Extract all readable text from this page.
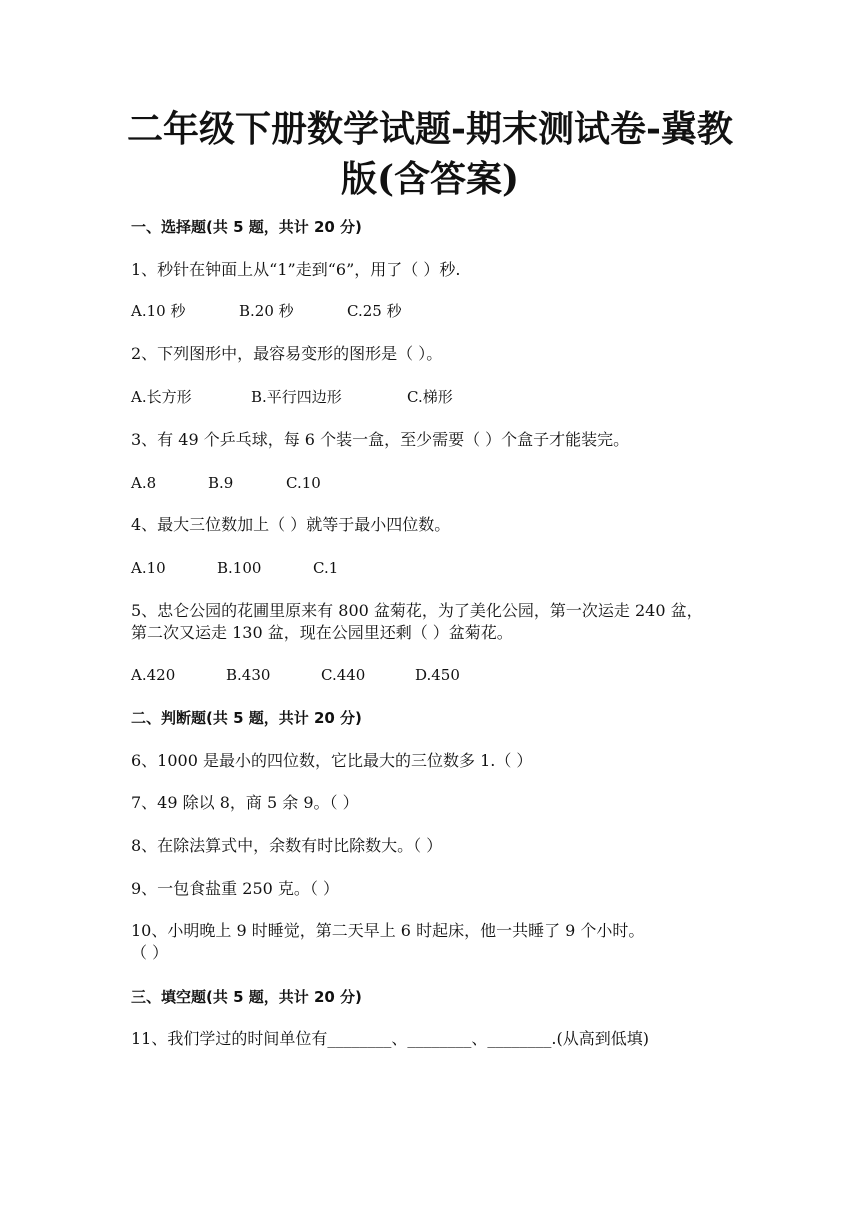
二年级下册数学试题-期末测试卷-冀教
版(含答案)
一、选择题(共 5 题，共计 20 分)
1、秒针在钟面上从“1”走到“6”，用了（ ）秒.
A.10 秒	B.20 秒	C.25 秒
2、下列图形中，最容易变形的图形是（ ）。
A.长方形	B.平行四边形	C.梯形
3、有 49 个乒乓球，每 6 个装一盒，至少需要（ ）个盒子才能装完。
A.8	B.9	C.10
4、最大三位数加上（ ）就等于最小四位数。
A.10	B.100	C.1
5、忠仑公园的花圃里原来有 800 盆菊花，为了美化公园，第一次运走 240 盆，
第二次又运走 130 盆，现在公园里还剩（ ）盆菊花。
A.420	B.430	C.440	D.450
二、判断题(共 5 题，共计 20 分)
6、1000 是最小的四位数，它比最大的三位数多 1.（ ）
7、49 除以 8，商 5 余 9。（ ）
8、在除法算式中，余数有时比除数大。（ ）
9、一包食盐重 250 克。（ ）
10、小明晚上 9 时睡觉，第二天早上 6 时起床，他一共睡了 9 个小时。
（ ）
三、填空题(共 5 题，共计 20 分)
11、我们学过的时间单位有________、________、________.(从高到低填)
